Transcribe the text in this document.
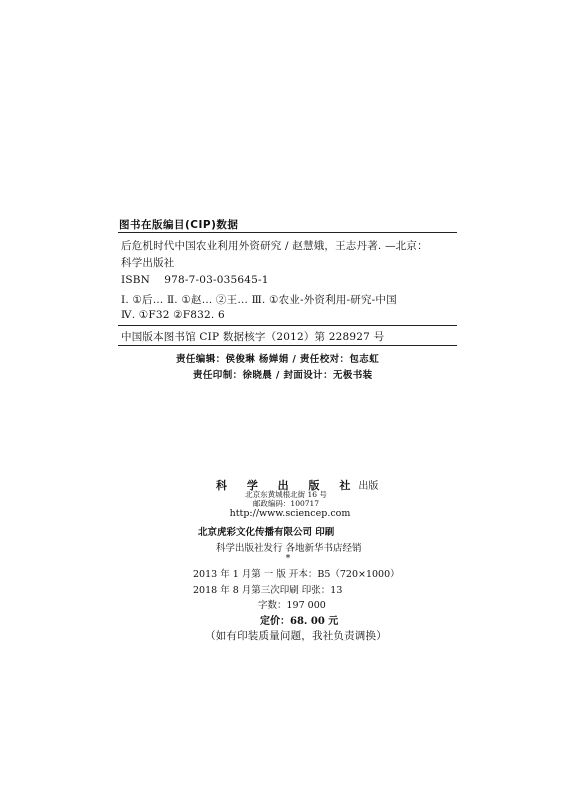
图书在版编目(CIP)数据
后危机时代中国农业利用外资研究 / 赵慧娥，王志丹著. —北京：
科学出版社
ISBN 978-7-03-035645-1
Ⅰ. ①后… Ⅱ. ①赵… ②王… Ⅲ. ①农业-外资利用-研究-中国
Ⅳ. ①F32 ②F832. 6
中国版本图书馆 CIP 数据核字（2012）第 228927 号
责任编辑：侯俊琳 杨婵娟 / 责任校对：包志虹
责任印制：徐晓晨 / 封面设计：无极书装
科 学 出 版 社出版
北京东黄城根北街 16 号
邮政编码：100717
http://www.sciencep.com
北京虎彩文化传播有限公司 印刷
科学出版社发行 各地新华书店经销
*
2013 年 1 月第 一 版 开本：B5（720×1000）
2018 年 8 月第三次印刷 印张：13
字数：197 000
定价：68. 00 元
（如有印装质量问题，我社负责调换）
